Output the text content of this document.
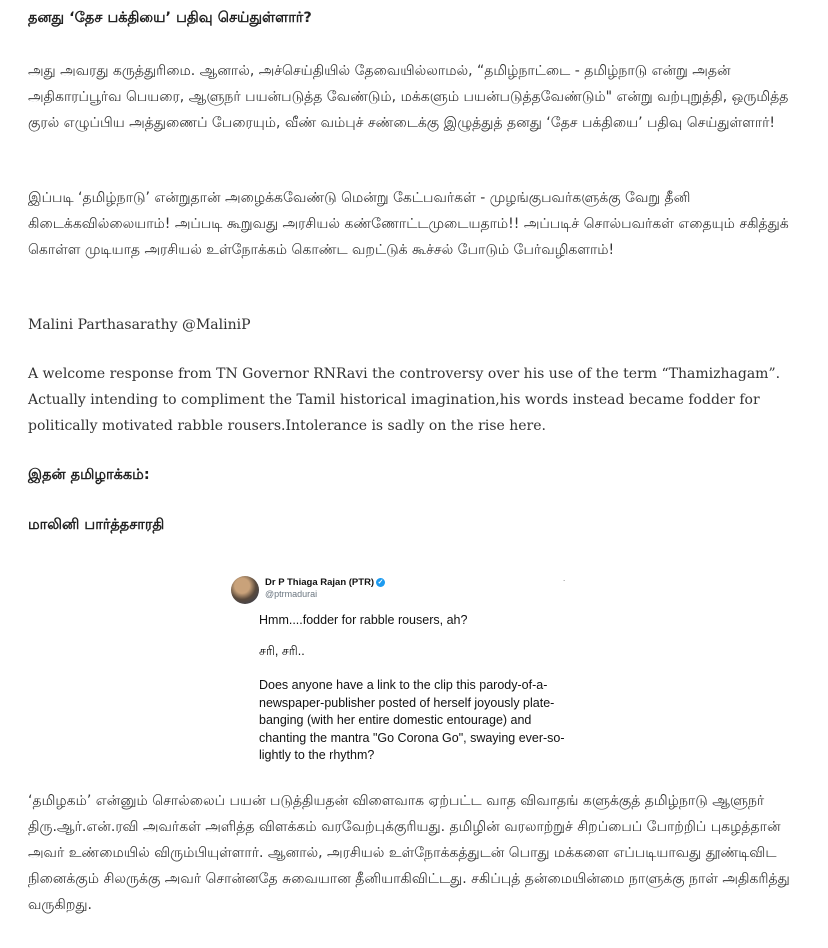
தனது ‘தேச பக்தியை’ பதிவு செய்துள்ளார்?

அது அவரது கருத்துரிமை. ஆனால், அச்செய்தியில் தேவையில்லாமல், “தமிழ்நாட்டை - தமிழ்நாடு என்று அதன் அதிகாரப்பூர்வ பெயரை, ஆளுநர் பயன்படுத்த வேண்டும், மக்களும் பயன்படுத்தவேண்டும்" என்று வற்புறுத்தி, ஒருமித்த குரல் எழுப்பிய அத்துணைப் பேரையும், வீண் வம்புச் சண்டைக்கு இழுத்துத் தனது ‘தேச பக்தியை’ பதிவு செய்துள்ளார்!

இப்படி ‘தமிழ்நாடு’ என்றுதான் அழைக்கவேண்டு மென்று கேட்பவர்கள் - முழங்குபவர்களுக்கு வேறு தீனி கிடைக்கவில்லையாம்! அப்படி கூறுவது அரசியல் கண்ணோட்டமுடையதாம்!! அப்படிச் சொல்பவர்கள் எதையும் சகித்துக் கொள்ள முடியாத அரசியல் உள்நோக்கம் கொண்ட வறட்டுக் கூச்சல் போடும் பேர்வழிகளாம்!

Malini Parthasarathy @MaliniP

A welcome response from TN Governor RNRavi the controversy over his use of the term “Thamizhagam”. Actually intending to compliment the Tamil historical imagination,his words instead became fodder for politically motivated rabble rousers.Intolerance is sadly on the rise here.

இதன் தமிழாக்கம்:
மாலினி பார்த்தசாரதி

‘தமிழகம்’ என்னும் சொல்லைப் பயன் படுத்தியதன் விளைவாக ஏற்பட்ட வாத விவாதங் களுக்குத் தமிழ்நாடு ஆளுநர் திரு.ஆர்.என்.ரவி அவர்கள் அளித்த விளக்கம் வரவேற்புக்குரியது. தமிழின் வரலாற்றுச் சிறப்பைப் போற்றிப் புகழத்தான் அவர் உண்மையில் விரும்பியுள்ளார். ஆனால், அரசியல் உள்நோக்கத்துடன் பொது மக்களை எப்படியாவது தூண்டிவிட நினைக்கும் சிலருக்கு அவர் சொன்னதே சுவையான தீனியாகிவிட்டது. சகிப்புத் தன்மையின்மை நாளுக்கு நாள் அதிகரித்து வருகிறது.

Dr P Thiaga Rajan (PTR) ✓
@ptrmadurai
.

Hmm....fodder for rabble rousers, ah?

சரி, சரி..

Does anyone have a link to the clip this parody-of-a-newspaper-publisher posted of herself joyously plate-banging (with her entire domestic entourage) and chanting the mantra "Go Corona Go", swaying ever-so-lightly to the rhythm?
